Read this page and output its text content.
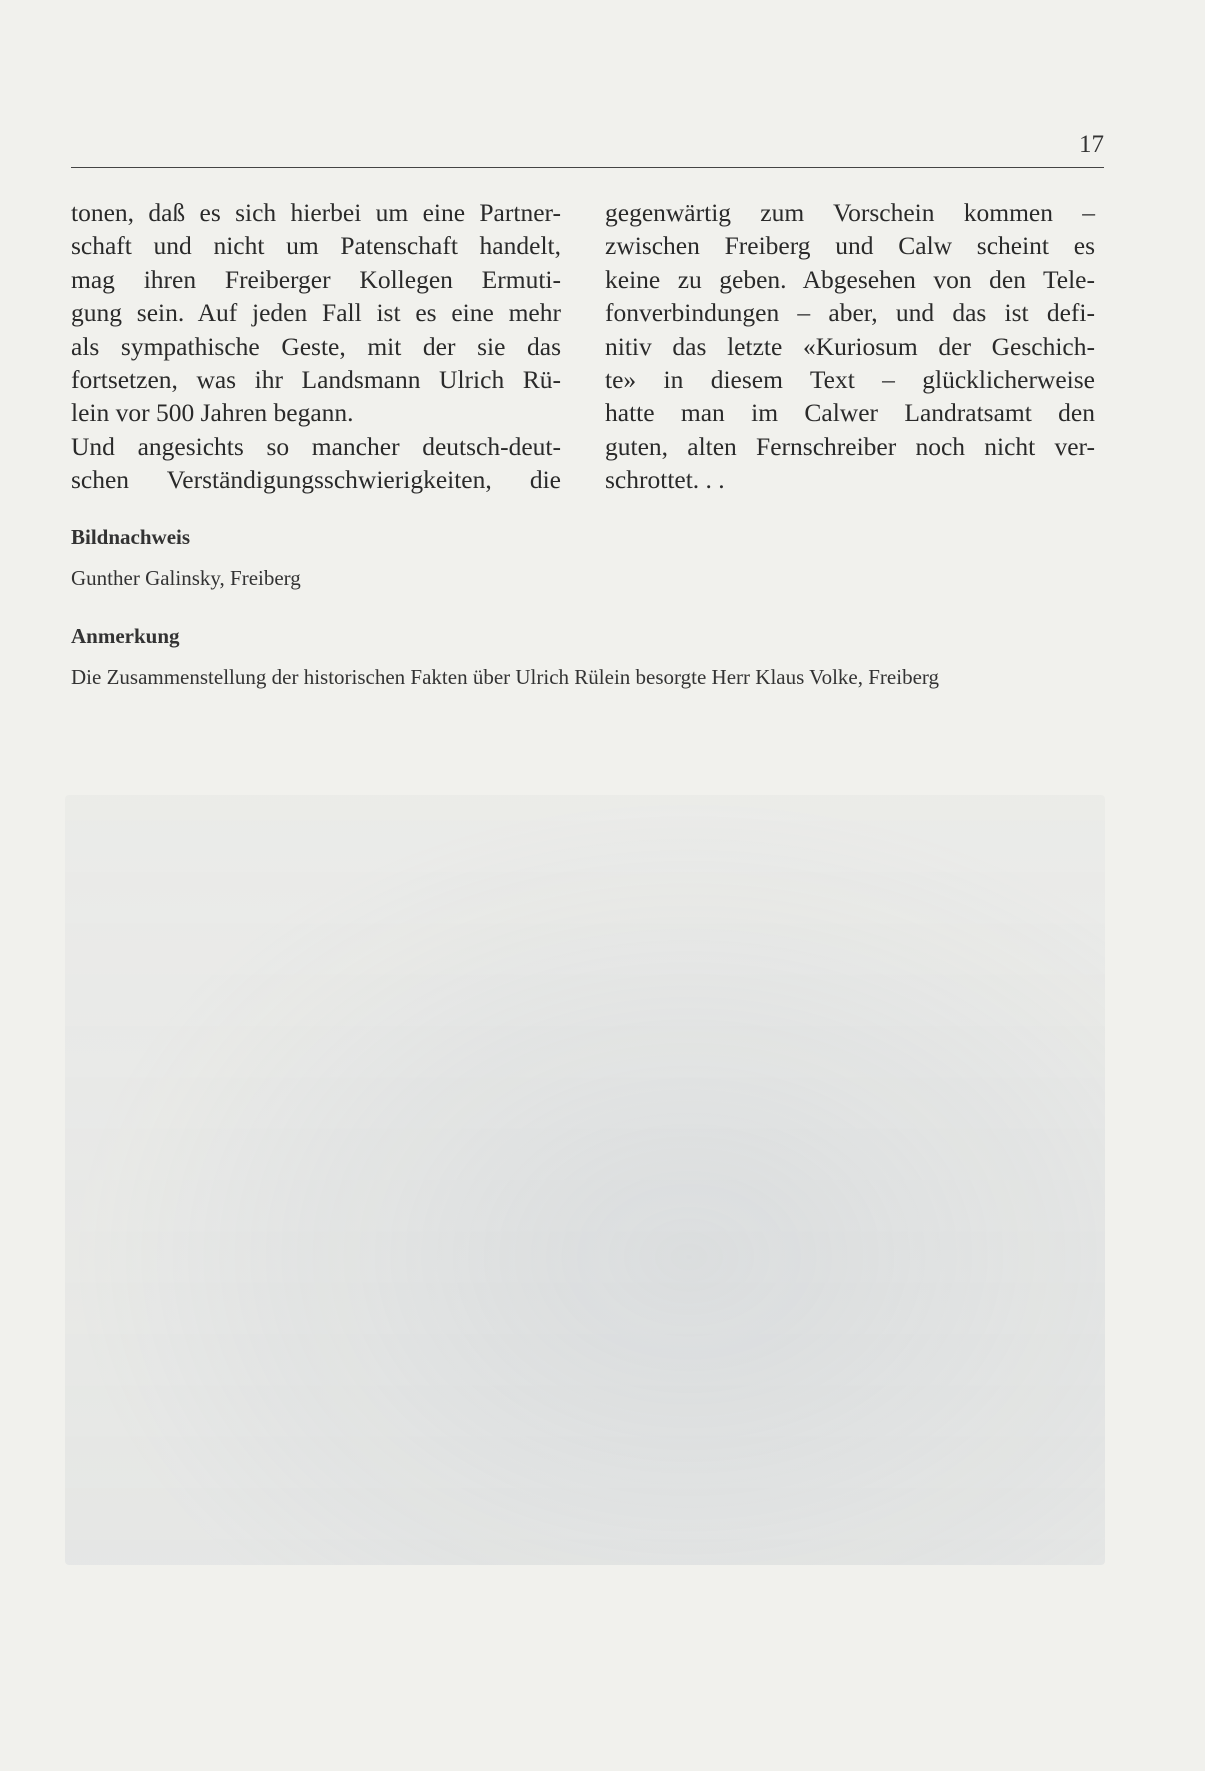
17
tonen, daß es sich hierbei um eine Partner-
schaft und nicht um Patenschaft handelt,
mag ihren Freiberger Kollegen Ermuti-
gung sein. Auf jeden Fall ist es eine mehr
als sympathische Geste, mit der sie das
fortsetzen, was ihr Landsmann Ulrich Rü-
lein vor 500 Jahren begann.
Und angesichts so mancher deutsch-deut-
schen Verständigungsschwierigkeiten, die
gegenwärtig zum Vorschein kommen –
zwischen Freiberg und Calw scheint es
keine zu geben. Abgesehen von den Tele-
fonverbindungen – aber, und das ist defi-
nitiv das letzte «Kuriosum der Geschich-
te» in diesem Text – glücklicherweise
hatte man im Calwer Landratsamt den
guten, alten Fernschreiber noch nicht ver-
schrottet. . .
Bildnachweis
Gunther Galinsky, Freiberg
Anmerkung
Die Zusammenstellung der historischen Fakten über Ulrich Rülein besorgte Herr Klaus Volke, Freiberg
